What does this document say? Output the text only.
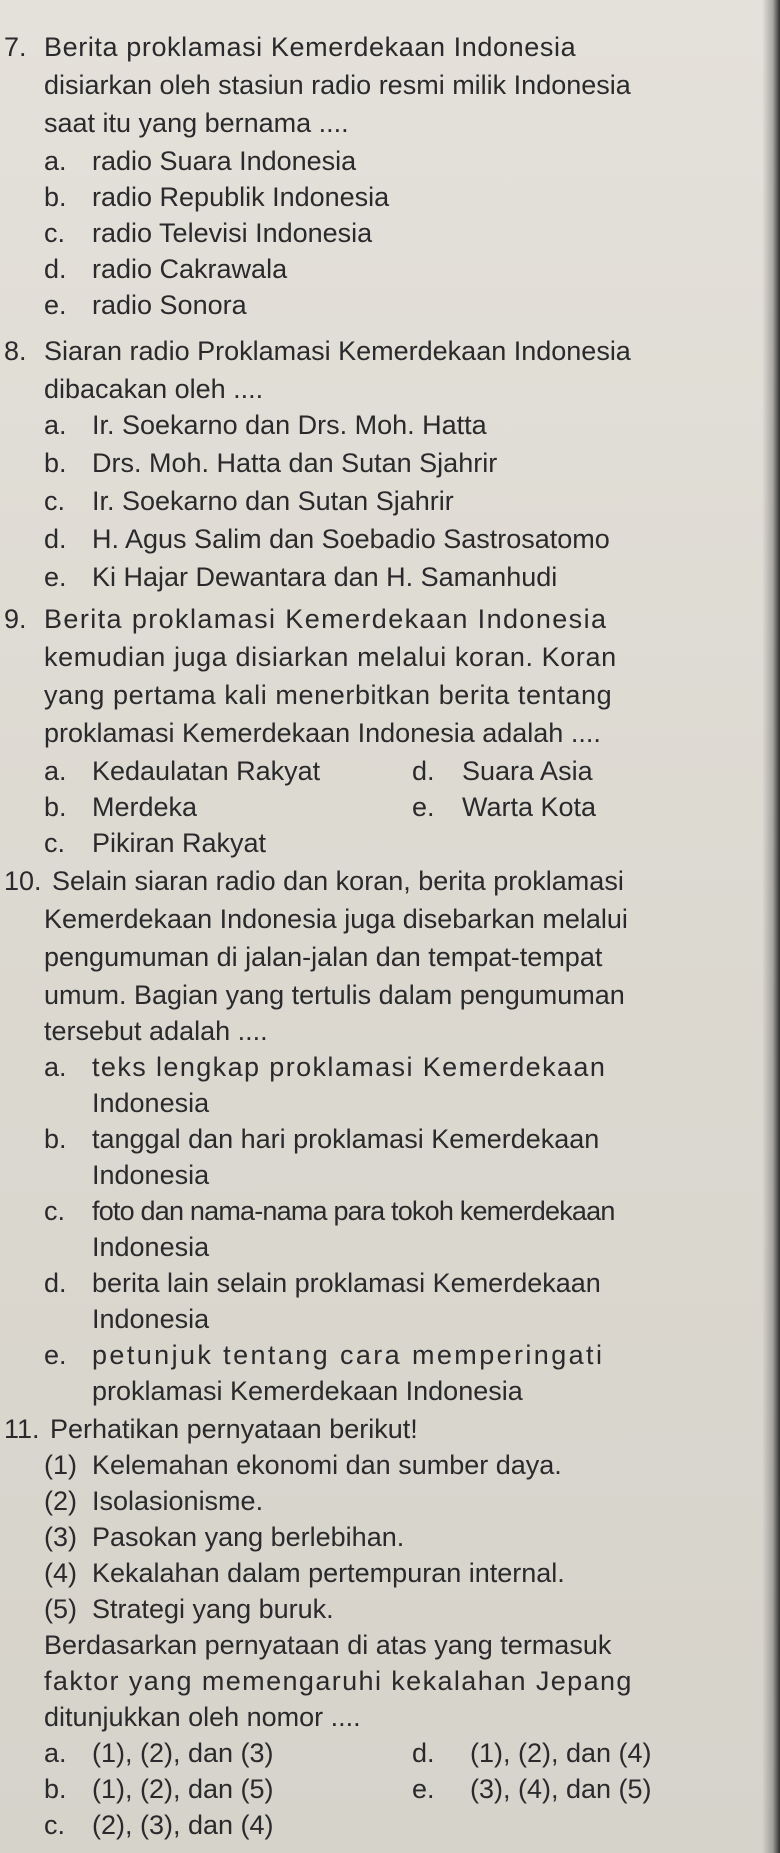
7. Berita proklamasi Kemerdekaan Indonesia
disiarkan oleh stasiun radio resmi milik Indonesia
saat itu yang bernama ....
a. radio Suara Indonesia
b. radio Republik Indonesia
c. radio Televisi Indonesia
d. radio Cakrawala
e. radio Sonora
8. Siaran radio Proklamasi Kemerdekaan Indonesia
dibacakan oleh ....
a. Ir. Soekarno dan Drs. Moh. Hatta
b. Drs. Moh. Hatta dan Sutan Sjahrir
c. Ir. Soekarno dan Sutan Sjahrir
d. H. Agus Salim dan Soebadio Sastrosatomo
e. Ki Hajar Dewantara dan H. Samanhudi
9. Berita proklamasi Kemerdekaan Indonesia
kemudian juga disiarkan melalui koran. Koran
yang pertama kali menerbitkan berita tentang
proklamasi Kemerdekaan Indonesia adalah ....
a. Kedaulatan Rakyat
b. Merdeka
c. Pikiran Rakyat
d. Suara Asia
e. Warta Kota
10. Selain siaran radio dan koran, berita proklamasi
Kemerdekaan Indonesia juga disebarkan melalui
pengumuman di jalan-jalan dan tempat-tempat
umum. Bagian yang tertulis dalam pengumuman
tersebut adalah ....
a. teks lengkap proklamasi Kemerdekaan
Indonesia
b. tanggal dan hari proklamasi Kemerdekaan
Indonesia
c. foto dan nama-nama para tokoh kemerdekaan
Indonesia
d. berita lain selain proklamasi Kemerdekaan
Indonesia
e. petunjuk tentang cara memperingati
proklamasi Kemerdekaan Indonesia
11. Perhatikan pernyataan berikut!
(1) Kelemahan ekonomi dan sumber daya.
(2) Isolasionisme.
(3) Pasokan yang berlebihan.
(4) Kekalahan dalam pertempuran internal.
(5) Strategi yang buruk.
Berdasarkan pernyataan di atas yang termasuk
faktor yang memengaruhi kekalahan Jepang
ditunjukkan oleh nomor ....
a. (1), (2), dan (3)
b. (1), (2), dan (5)
c. (2), (3), dan (4)
d. (1), (2), dan (4)
e. (3), (4), dan (5)
